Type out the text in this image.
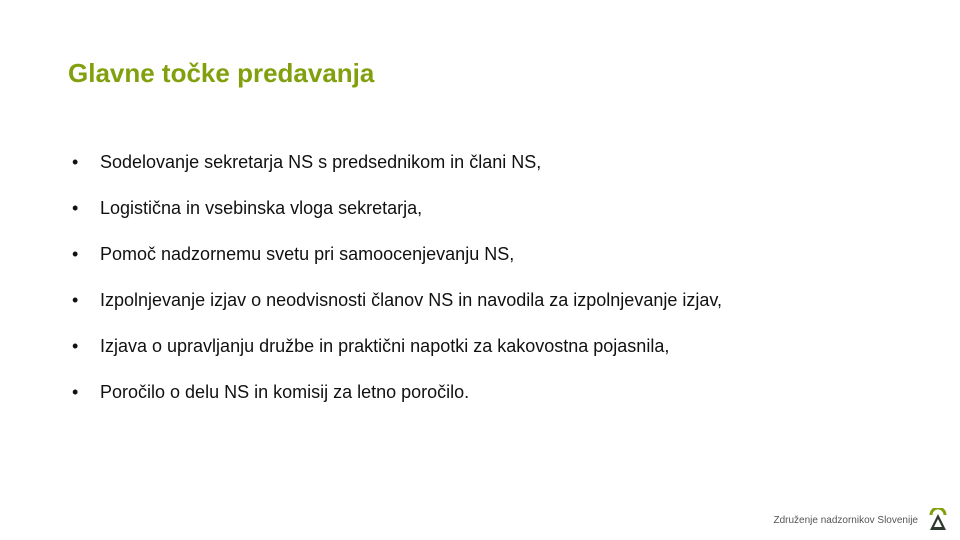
Glavne točke predavanja
•	Sodelovanje sekretarja NS s predsednikom in člani NS,
•	Logistična in vsebinska vloga sekretarja,
•	Pomoč nadzornemu svetu pri samoocenjevanju NS,
•	Izpolnjevanje izjav o neodvisnosti članov NS in navodila za izpolnjevanje izjav,
•	Izjava o upravljanju družbe in praktični napotki za kakovostna pojasnila,
•	Poročilo o delu NS in komisij za letno poročilo.
Združenje nadzornikov Slovenije
